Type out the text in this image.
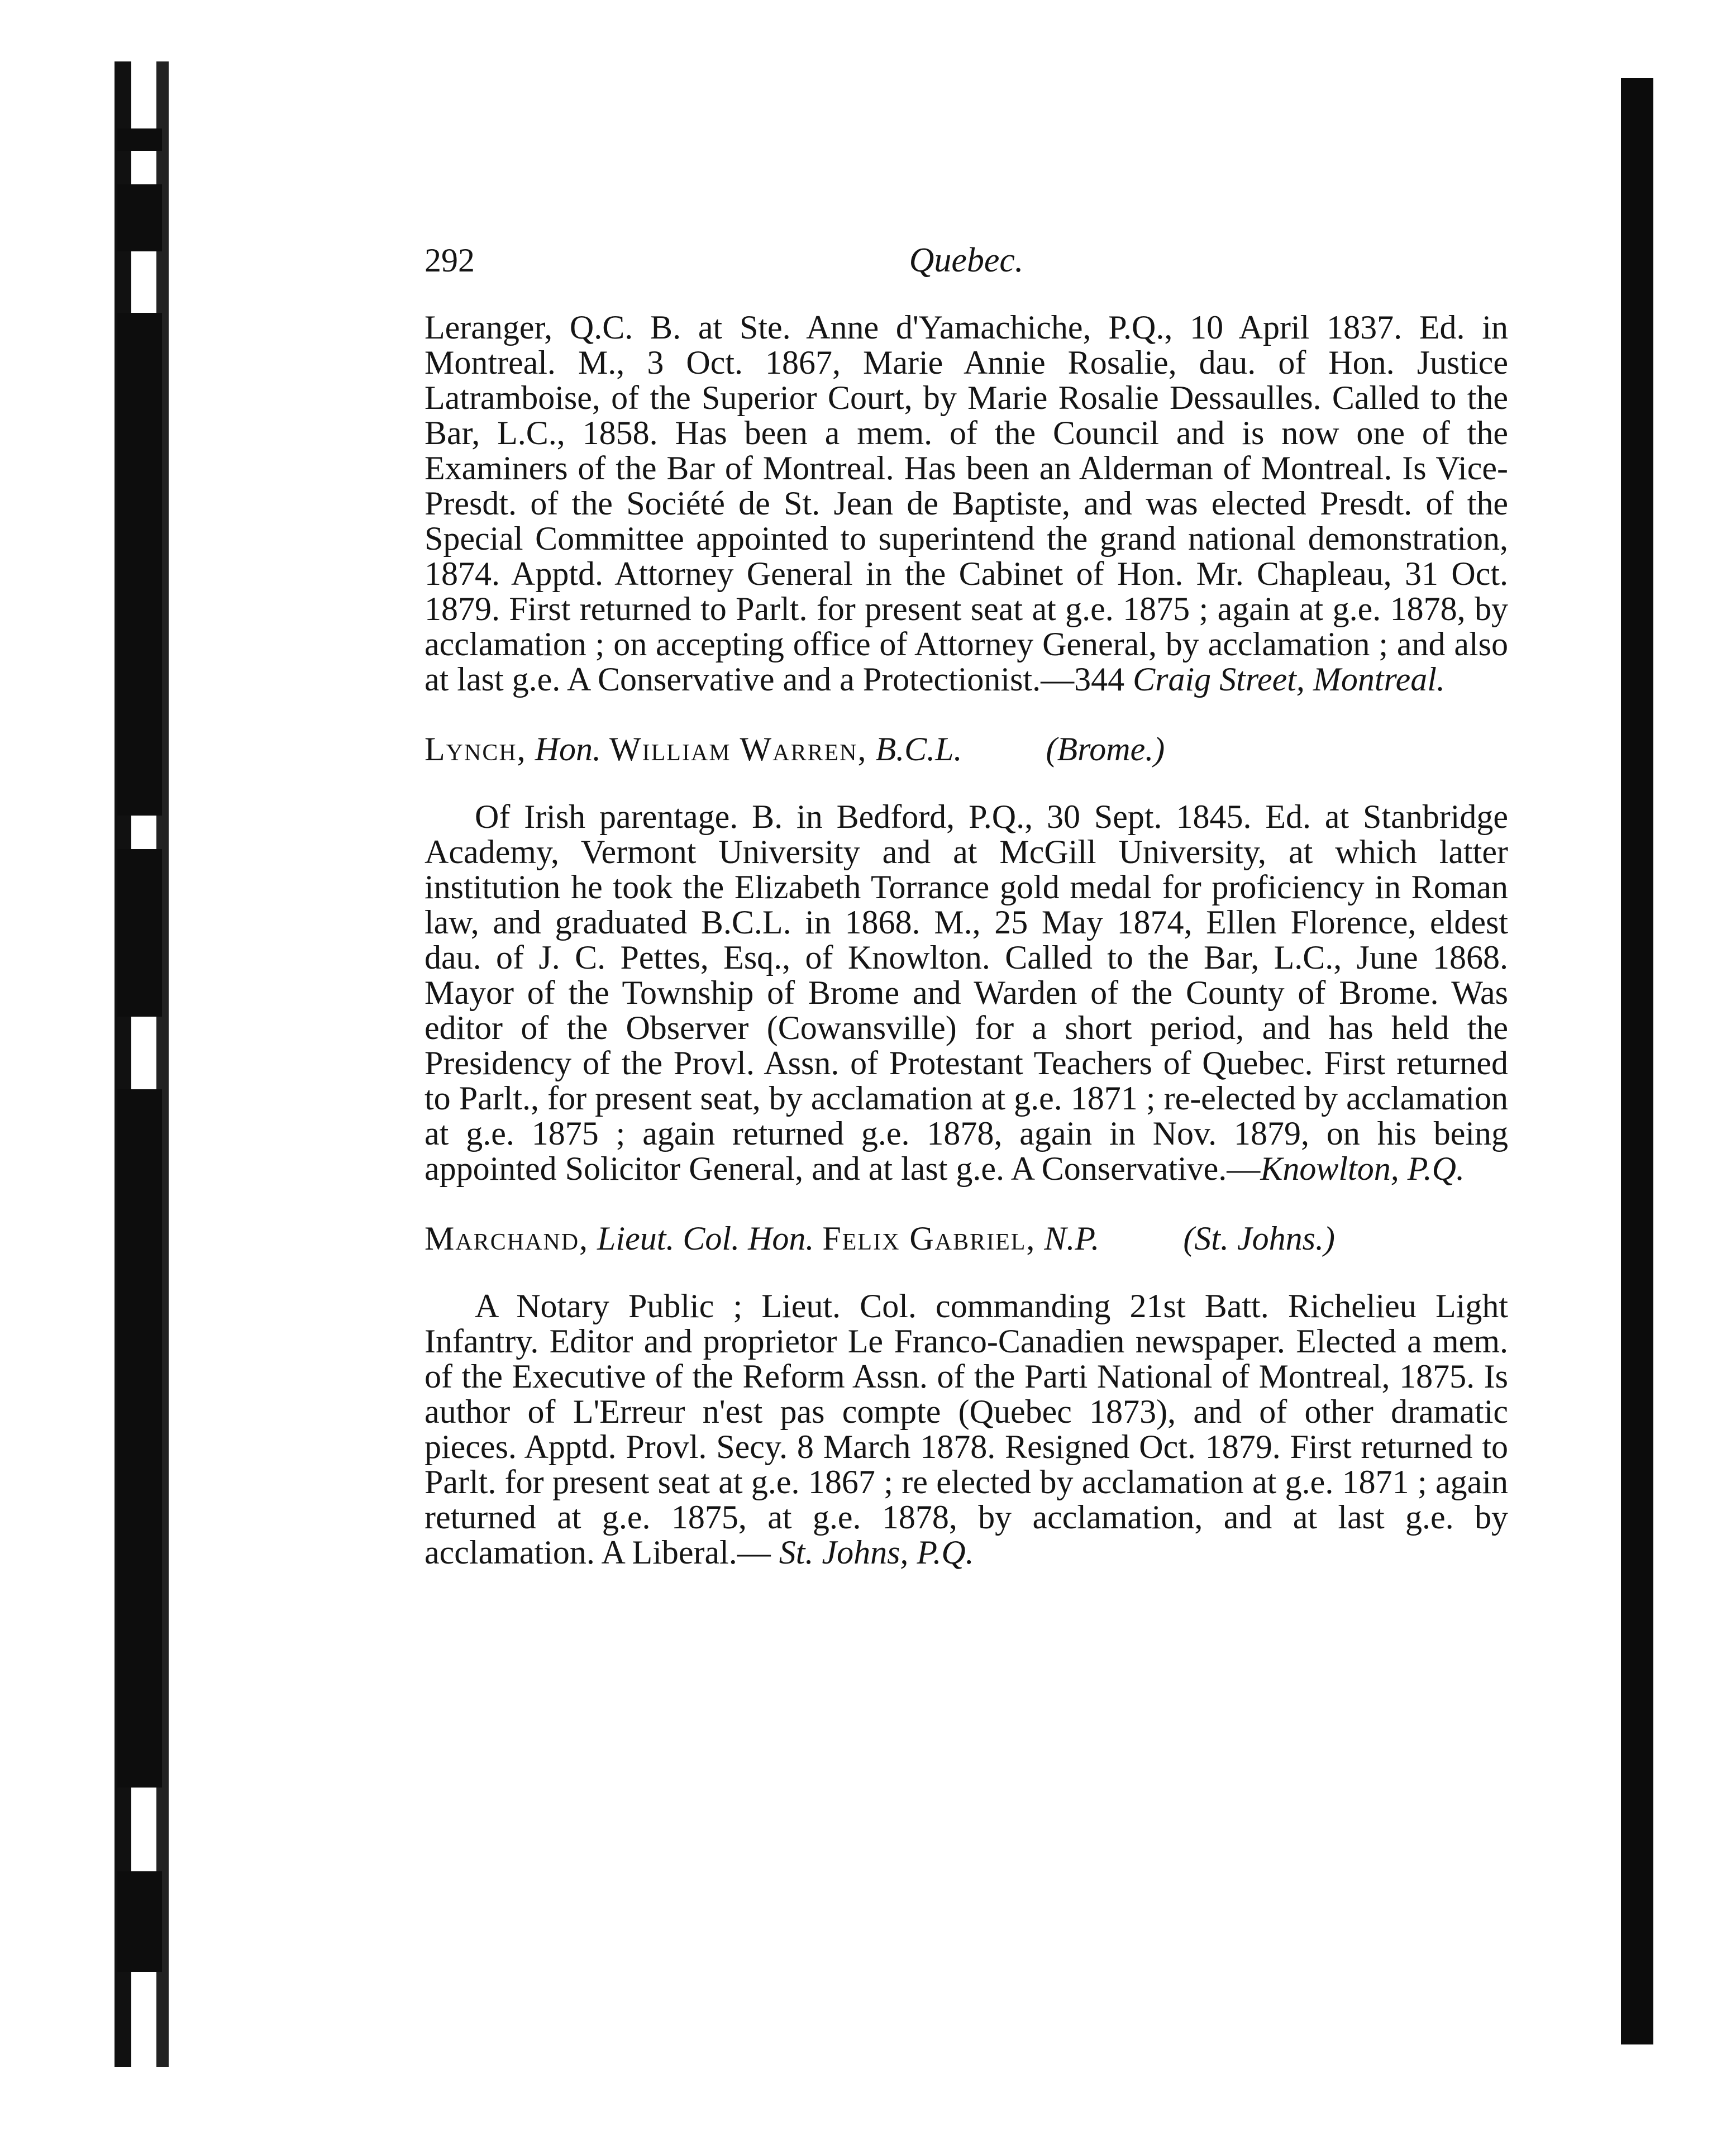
292	Quebec.

Leranger, Q.C. B. at Ste. Anne d'Yamachiche, P.Q., 10 April 1837. Ed. in Montreal. M., 3 Oct. 1867, Marie Annie Rosalie, dau. of Hon. Justice Latramboise, of the Superior Court, by Marie Rosalie Dessaulles. Called to the Bar, L.C., 1858. Has been a mem. of the Council and is now one of the Examiners of the Bar of Montreal. Has been an Alderman of Montreal. Is Vice-Presdt. of the Société de St. Jean de Baptiste, and was elected Presdt. of the Special Committee appointed to superintend the grand national demonstration, 1874. Apptd. Attorney General in the Cabinet of Hon. Mr. Chapleau, 31 Oct. 1879. First returned to Parlt. for present seat at g.e. 1875 ; again at g.e. 1878, by acclamation ; on accepting office of Attorney General, by acclamation ; and also at last g.e. A Conservative and a Protectionist.—344 Craig Street, Montreal.

Lynch, Hon. William Warren, B.C.L.	(Brome.)

Of Irish parentage. B. in Bedford, P.Q., 30 Sept. 1845. Ed. at Stanbridge Academy, Vermont University and at McGill University, at which latter institution he took the Elizabeth Torrance gold medal for proficiency in Roman law, and graduated B.C.L. in 1868. M., 25 May 1874, Ellen Florence, eldest dau. of J. C. Pettes, Esq., of Knowlton. Called to the Bar, L.C., June 1868. Mayor of the Township of Brome and Warden of the County of Brome. Was editor of the Observer (Cowansville) for a short period, and has held the Presidency of the Provl. Assn. of Protestant Teachers of Quebec. First returned to Parlt., for present seat, by acclamation at g.e. 1871 ; re-elected by acclamation at g.e. 1875 ; again returned g.e. 1878, again in Nov. 1879, on his being appointed Solicitor General, and at last g.e. A Conservative.—Knowlton, P.Q.

Marchand, Lieut. Col. Hon. Felix Gabriel, N.P.	(St. Johns.)

A Notary Public ; Lieut. Col. commanding 21st Batt. Richelieu Light Infantry. Editor and proprietor Le Franco-Canadien newspaper. Elected a mem. of the Executive of the Reform Assn. of the Parti National of Montreal, 1875. Is author of L'Erreur n'est pas compte (Quebec 1873), and of other dramatic pieces. Apptd. Provl. Secy. 8 March 1878. Resigned Oct. 1879. First returned to Parlt. for present seat at g.e. 1867 ; re elected by acclamation at g.e. 1871 ; again returned at g.e. 1875, at g.e. 1878, by acclamation, and at last g.e. by acclamation. A Liberal.— St. Johns, P.Q.
